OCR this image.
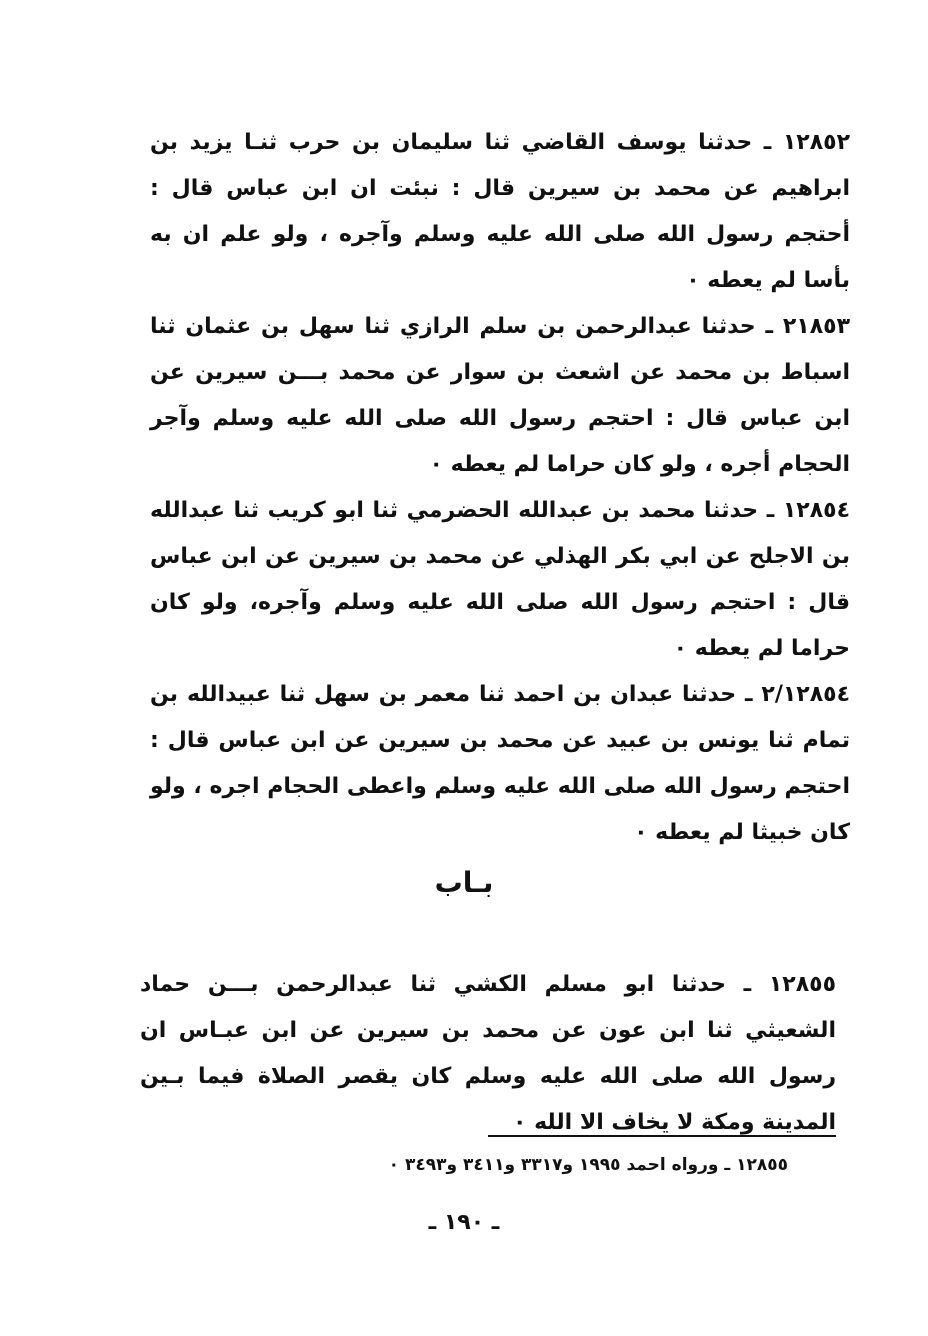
١٢٨٥٢ ـ حدثنا يوسف القاضي ثنا سليمان بن حرب ثنـا يزيد بن ابراهيم عن محمد بن سيرين قال : نبئت ان ابن عباس قال : أحتجم رسول الله صلى الله عليه وسلم وآجره ، ولو علم ان به بأسا لم يعطه ٠

٢١٨٥٣ ـ حدثنا عبدالرحمن بن سلم الرازي ثنا سهل بن عثمان ثنا اسباط بن محمد عن اشعث بن سوار عن محمد بـــن سيرين عن ابن عباس قال : احتجم رسول الله صلى الله عليه وسلم وآجر الحجام أجره ، ولو كان حراما لم يعطه ٠

١٢٨٥٤ ـ حدثنا محمد بن عبدالله الحضرمي ثنا ابو كريب ثنا عبدالله بن الاجلح عن ابي بكر الهذلي عن محمد بن سيرين عن ابن عباس قال : احتجم رسول الله صلى الله عليه وسلم وآجره، ولو كان حراما لم يعطه ٠

٢/١٢٨٥٤ ـ حدثنا عبدان بن احمد ثنا معمر بن سهل ثنا عبيدالله بن تمام ثنا يونس بن عبيد عن محمد بن سيرين عن ابن عباس قال : احتجم رسول الله صلى الله عليه وسلم واعطى الحجام اجره ، ولو كان خبيثا لم يعطه ٠

بـاب

١٢٨٥٥ ـ حدثنا ابو مسلم الكشي ثنا عبدالرحمن بـــن حماد الشعيثي ثنا ابن عون عن محمد بن سيرين عن ابن عبـاس ان رسول الله صلى الله عليه وسلم كان يقصر الصلاة فيما بـين المدينة ومكة لا يخاف الا الله ٠

١٢٨٥٥ ـ ورواه احمد ١٩٩٥ و٣٣١٧ و٣٤١١ و٣٤٩٣ ٠
ـ ١٩٠ ـ
